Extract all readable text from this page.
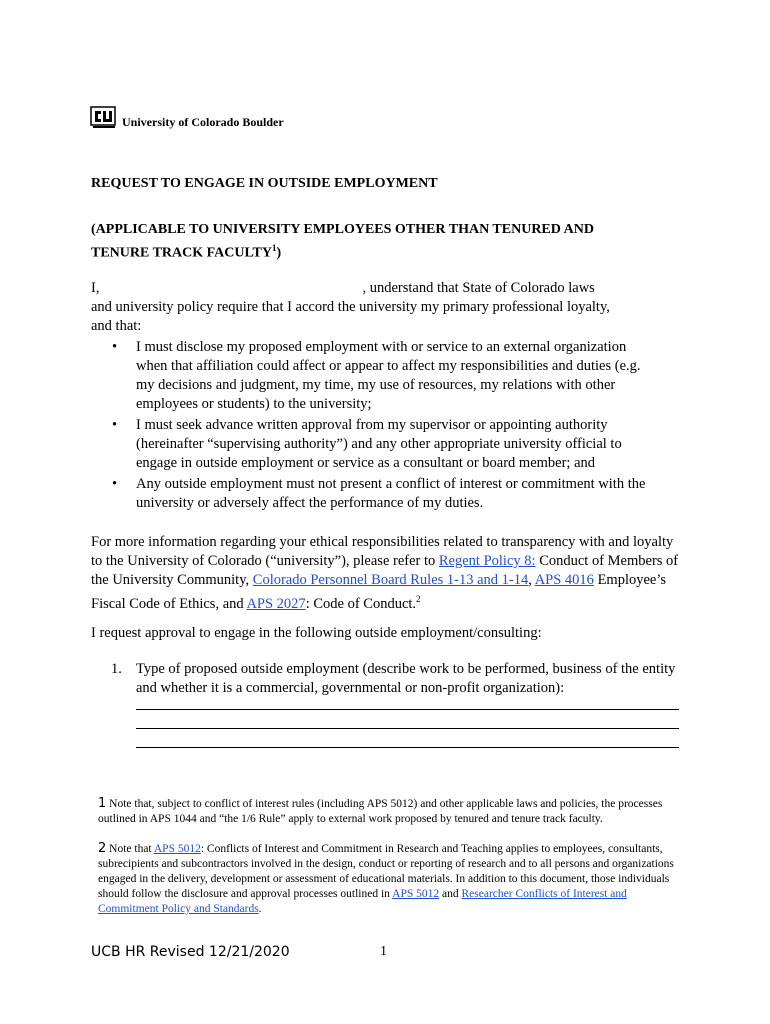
University of Colorado Boulder
REQUEST TO ENGAGE IN OUTSIDE EMPLOYMENT
(APPLICABLE TO UNIVERSITY EMPLOYEES OTHER THAN TENURED AND
TENURE TRACK FACULTY$^1$)
I,	, understand that State of Colorado laws
and university policy require that I accord the university my primary professional loyalty,
and that:
• I must disclose my proposed employment with or service to an external organization when that affiliation could affect or appear to affect my responsibilities and duties (e.g. my decisions and judgment, my time, my use of resources, my relations with other employees or students) to the university;
• I must seek advance written approval from my supervisor or appointing authority (hereinafter “supervising authority”) and any other appropriate university official to engage in outside employment or service as a consultant or board member; and
• Any outside employment must not present a conflict of interest or commitment with the university or adversely affect the performance of my duties.
For more information regarding your ethical responsibilities related to transparency with and loyalty to the University of Colorado (“university”), please refer to Regent Policy 8: Conduct of Members of the University Community, Colorado Personnel Board Rules 1-13 and 1-14, APS 4016 Employee’s Fiscal Code of Ethics, and APS 2027: Code of Conduct.$^2$
I request approval to engage in the following outside employment/consulting:
1. Type of proposed outside employment (describe work to be performed, business of the entity and whether it is a commercial, governmental or non-profit organization):
1 Note that, subject to conflict of interest rules (including APS 5012) and other applicable laws and policies, the processes outlined in APS 1044 and “the 1/6 Rule” apply to external work proposed by tenured and tenure track faculty.
2 Note that APS 5012: Conflicts of Interest and Commitment in Research and Teaching applies to employees, consultants, subrecipients and subcontractors involved in the design, conduct or reporting of research and to all persons and organizations engaged in the delivery, development or assessment of educational materials. In addition to this document, those individuals should follow the disclosure and approval processes outlined in APS 5012 and Researcher Conflicts of Interest and Commitment Policy and Standards.
UCB HR Revised 12/21/2020	1
